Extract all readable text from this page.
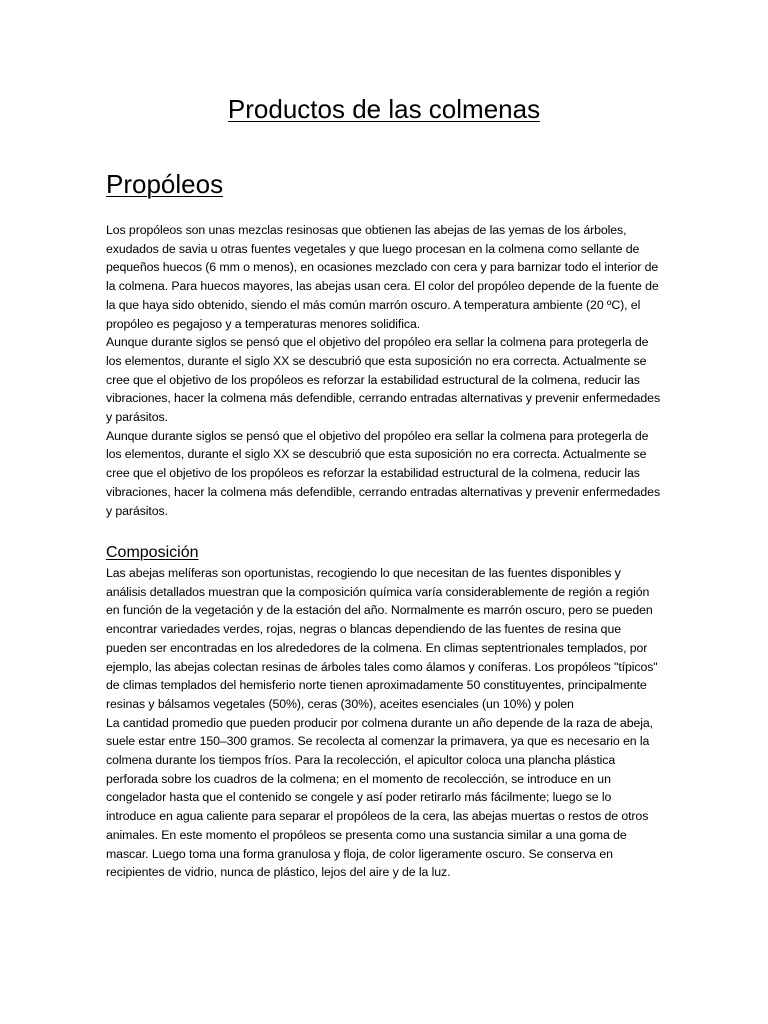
Productos de las colmenas
Propóleos

Los propóleos son unas mezclas resinosas que obtienen las abejas de las yemas de los árboles, exudados de savia u otras fuentes vegetales y que luego procesan en la colmena como sellante de pequeños huecos (6 mm o menos), en ocasiones mezclado con cera y para barnizar todo el interior de la colmena. Para huecos mayores, las abejas usan cera. El color del propóleo depende de la fuente de la que haya sido obtenido, siendo el más común marrón oscuro. A temperatura ambiente (20 ºC), el propóleo es pegajoso y a temperaturas menores solidifica.

Aunque durante siglos se pensó que el objetivo del propóleo era sellar la colmena para protegerla de los elementos, durante el siglo XX se descubrió que esta suposición no era correcta. Actualmente se cree que el objetivo de los propóleos es reforzar la estabilidad estructural de la colmena, reducir las vibraciones, hacer la colmena más defendible, cerrando entradas alternativas y prevenir enfermedades y parásitos.

Aunque durante siglos se pensó que el objetivo del propóleo era sellar la colmena para protegerla de los elementos, durante el siglo XX se descubrió que esta suposición no era correcta. Actualmente se cree que el objetivo de los propóleos es reforzar la estabilidad estructural de la colmena, reducir las vibraciones, hacer la colmena más defendible, cerrando entradas alternativas y prevenir enfermedades y parásitos.

Composición

Las abejas melíferas son oportunistas, recogiendo lo que necesitan de las fuentes disponibles y análisis detallados muestran que la composición química varía considerablemente de región a región en función de la vegetación y de la estación del año. Normalmente es marrón oscuro, pero se pueden encontrar variedades verdes, rojas, negras o blancas dependiendo de las fuentes de resina que pueden ser encontradas en los alrededores de la colmena. En climas septentrionales templados, por ejemplo, las abejas colectan resinas de árboles tales como álamos y coníferas. Los propóleos "típicos" de climas templados del hemisferio norte tienen aproximadamente 50 constituyentes, principalmente resinas y bálsamos vegetales (50%), ceras (30%), aceites esenciales (un 10%) y polen

La cantidad promedio que pueden producir por colmena durante un año depende de la raza de abeja, suele estar entre 150–300 gramos. Se recolecta al comenzar la primavera, ya que es necesario en la colmena durante los tiempos fríos. Para la recolección, el apicultor coloca una plancha plástica perforada sobre los cuadros de la colmena; en el momento de recolección, se introduce en un congelador hasta que el contenido se congele y así poder retirarlo más fácilmente; luego se lo introduce en agua caliente para separar el propóleos de la cera, las abejas muertas o restos de otros animales. En este momento el propóleos se presenta como una sustancia similar a una goma de mascar. Luego toma una forma granulosa y floja, de color ligeramente oscuro. Se conserva en recipientes de vidrio, nunca de plástico, lejos del aire y de la luz.
